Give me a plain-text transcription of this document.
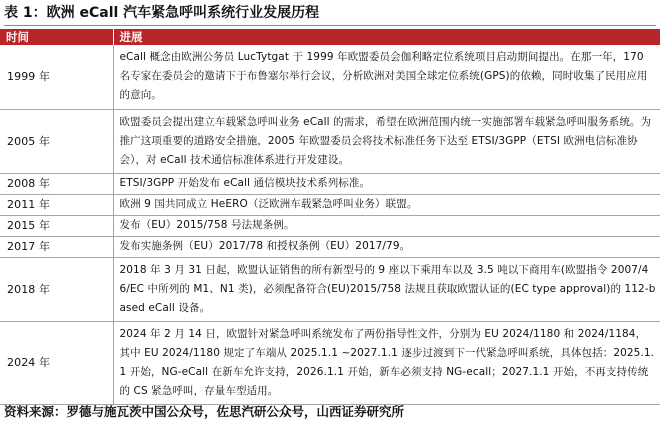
表 1：欧洲 eCall 汽车紧急呼叫系统行业发展历程
时间	进展
1999 年	eCall 概念由欧洲公务员 LucTytgat 于 1999 年欧盟委员会伽利略定位系统项目启动期间提出。在那一年，170 名专家在委员会的邀请下于布鲁塞尔举行会议，分析欧洲对美国全球定位系统(GPS)的依赖，同时收集了民用应用的意向。
2005 年	欧盟委员会提出建立车载紧急呼叫业务 eCall 的需求，希望在欧洲范围内统一实施部署车载紧急呼叫服务系统。为推广这项重要的道路安全措施，2005 年欧盟委员会将技术标准任务下达至 ETSI/3GPP（ETSI 欧洲电信标准协会），对 eCall 技术通信标准体系进行开发建设。
2008 年	ETSI/3GPP 开始发布 eCall 通信模块技术系列标准。
2011 年	欧洲 9 国共同成立 HeERO（泛欧洲车载紧急呼叫业务）联盟。
2015 年	发布（EU）2015/758 号法规条例。
2017 年	发布实施条例（EU）2017/78 和授权条例（EU）2017/79。
2018 年	2018 年 3 月 31 日起，欧盟认证销售的所有新型号的 9 座以下乘用车以及 3.5 吨以下商用车(欧盟指令 2007/46/EC 中所列的 M1、N1 类)，必须配备符合(EU)2015/758 法规且获取欧盟认证的(EC type approval)的 112-based eCall 设备。
2024 年	2024 年 2 月 14 日，欧盟针对紧急呼叫系统发布了两份指导性文件，分别为 EU 2024/1180 和 2024/1184，其中 EU 2024/1180 规定了车端从 2025.1.1 ~2027.1.1 逐步过渡到下一代紧急呼叫系统，具体包括：2025.1.1 开始，NG-eCall 在新车允许支持，2026.1.1 开始，新车必须支持 NG-ecall；2027.1.1 开始，不再支持传统的 CS 紧急呼叫，存量车型适用。
资料来源：罗德与施瓦茨中国公众号，佐思汽研公众号，山西证券研究所
